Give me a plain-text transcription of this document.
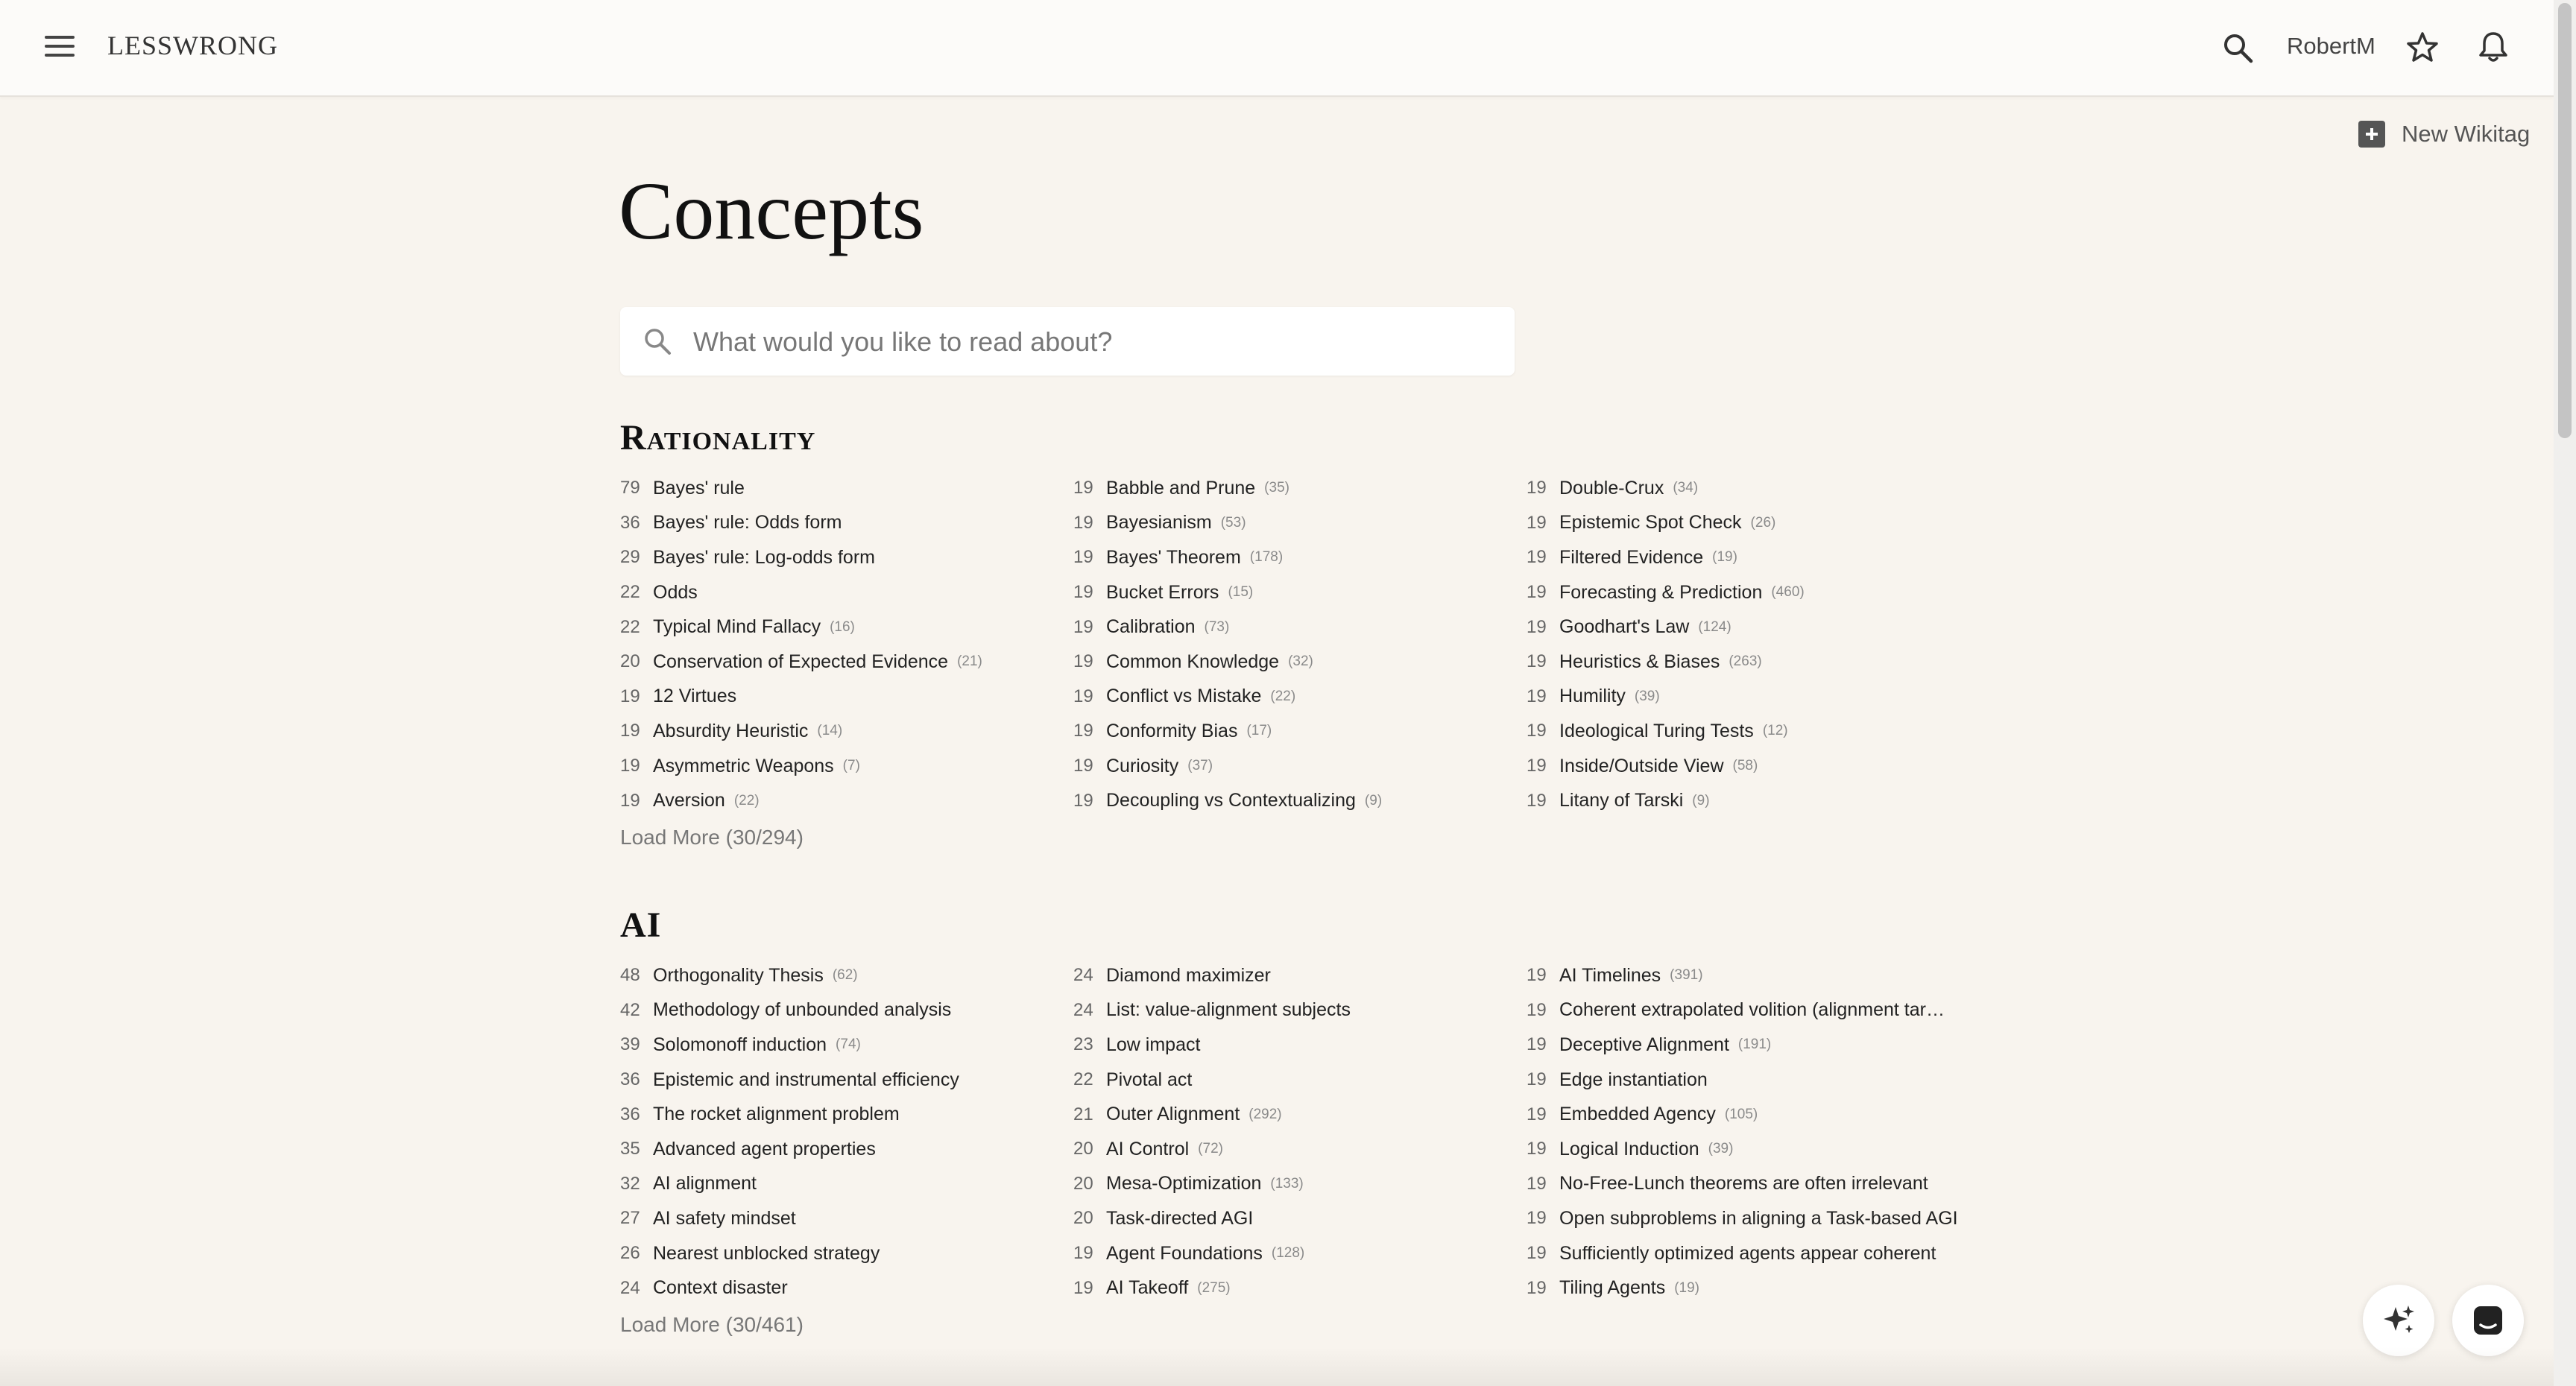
LESSWRONG	RobertM
New Wikitag
Concepts
What would you like to read about?
Rationality
79 Bayes' rule
36 Bayes' rule: Odds form
29 Bayes' rule: Log-odds form
22 Odds
22 Typical Mind Fallacy (16)
20 Conservation of Expected Evidence (21)
19 12 Virtues
19 Absurdity Heuristic (14)
19 Asymmetric Weapons (7)
19 Aversion (22)
19 Babble and Prune (35)
19 Bayesianism (53)
19 Bayes' Theorem (178)
19 Bucket Errors (15)
19 Calibration (73)
19 Common Knowledge (32)
19 Conflict vs Mistake (22)
19 Conformity Bias (17)
19 Curiosity (37)
19 Decoupling vs Contextualizing (9)
19 Double-Crux (34)
19 Epistemic Spot Check (26)
19 Filtered Evidence (19)
19 Forecasting & Prediction (460)
19 Goodhart's Law (124)
19 Heuristics & Biases (263)
19 Humility (39)
19 Ideological Turing Tests (12)
19 Inside/Outside View (58)
19 Litany of Tarski (9)
Load More (30/294)
AI
48 Orthogonality Thesis (62)
42 Methodology of unbounded analysis
39 Solomonoff induction (74)
36 Epistemic and instrumental efficiency
36 The rocket alignment problem
35 Advanced agent properties
32 AI alignment
27 AI safety mindset
26 Nearest unblocked strategy
24 Context disaster
24 Diamond maximizer
24 List: value-alignment subjects
23 Low impact
22 Pivotal act
21 Outer Alignment (292)
20 AI Control (72)
20 Mesa-Optimization (133)
20 Task-directed AGI
19 Agent Foundations (128)
19 AI Takeoff (275)
19 AI Timelines (391)
19 Coherent extrapolated volition (alignment tar…
19 Deceptive Alignment (191)
19 Edge instantiation
19 Embedded Agency (105)
19 Logical Induction (39)
19 No-Free-Lunch theorems are often irrelevant
19 Open subproblems in aligning a Task-based AGI
19 Sufficiently optimized agents appear coherent
19 Tiling Agents (19)
Load More (30/461)
